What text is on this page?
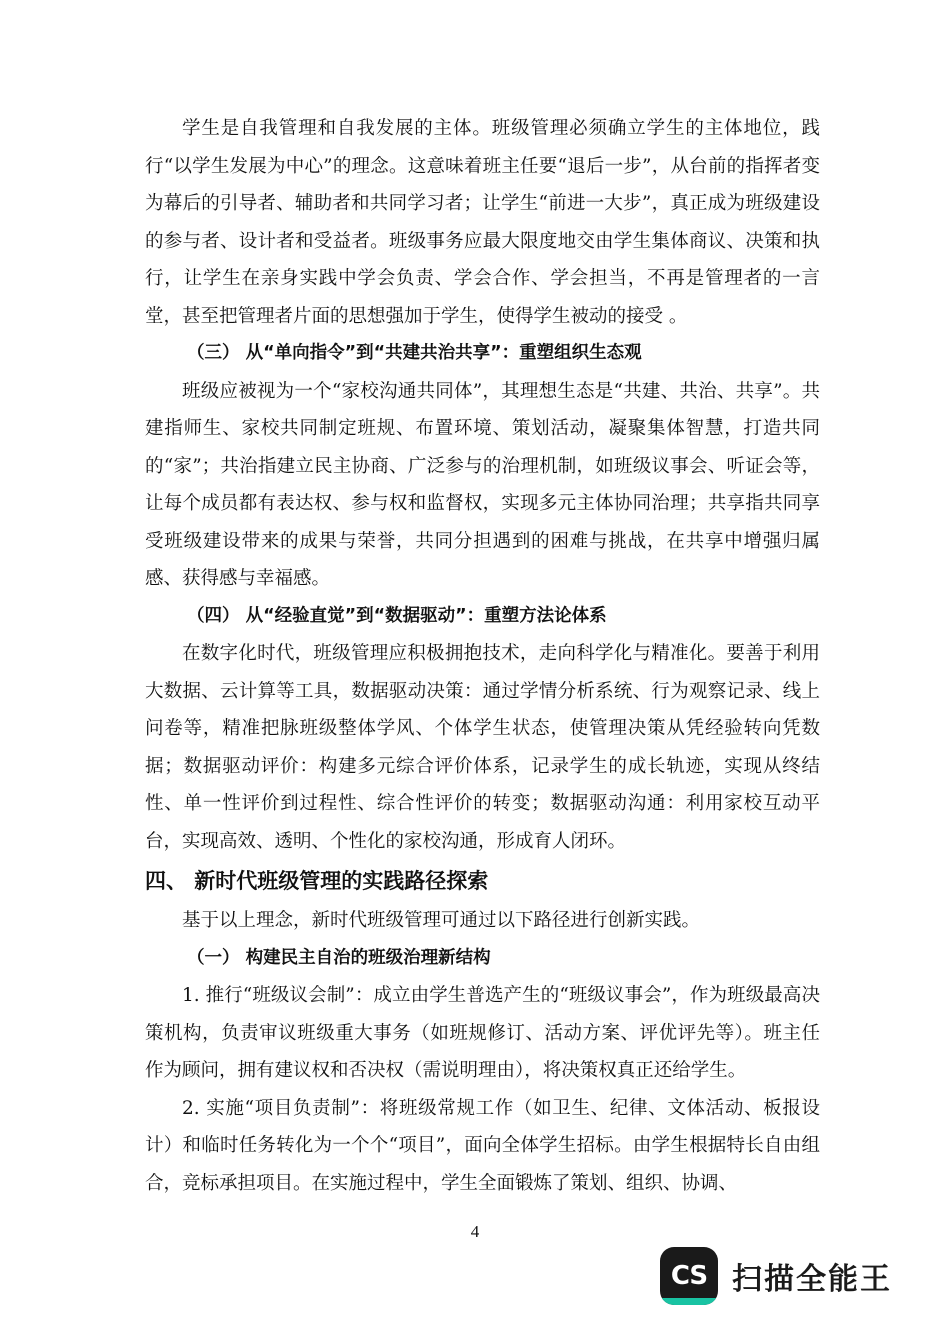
学生是自我管理和自我发展的主体。班级管理必须确立学生的主体地位，践行“以学生发展为中心”的理念。这意味着班主任要“退后一步”，从台前的指挥者变为幕后的引导者、辅助者和共同学习者；让学生“前进一大步”，真正成为班级建设的参与者、设计者和受益者。班级事务应最大限度地交由学生集体商议、决策和执行，让学生在亲身实践中学会负责、学会合作、学会担当，不再是管理者的一言堂，甚至把管理者片面的思想强加于学生，使得学生被动的接受 。

（三） 从“单向指令”到“共建共治共享”：重塑组织生态观

班级应被视为一个“家校沟通共同体”，其理想生态是“共建、共治、共享”。共建指师生、家校共同制定班规、布置环境、策划活动，凝聚集体智慧，打造共同的“家”；共治指建立民主协商、广泛参与的治理机制，如班级议事会、听证会等，让每个成员都有表达权、参与权和监督权，实现多元主体协同治理；共享指共同享受班级建设带来的成果与荣誉，共同分担遇到的困难与挑战，在共享中增强归属感、获得感与幸福感。

（四） 从“经验直觉”到“数据驱动”：重塑方法论体系

在数字化时代，班级管理应积极拥抱技术，走向科学化与精准化。要善于利用大数据、云计算等工具，数据驱动决策：通过学情分析系统、行为观察记录、线上问卷等，精准把脉班级整体学风、个体学生状态，使管理决策从凭经验转向凭数据；数据驱动评价：构建多元综合评价体系，记录学生的成长轨迹，实现从终结性、单一性评价到过程性、综合性评价的转变；数据驱动沟通：利用家校互动平台，实现高效、透明、个性化的家校沟通，形成育人闭环。

四、 新时代班级管理的实践路径探索

基于以上理念，新时代班级管理可通过以下路径进行创新实践。

（一） 构建民主自治的班级治理新结构

1. 推行“班级议会制”：成立由学生普选产生的“班级议事会”，作为班级最高决策机构，负责审议班级重大事务（如班规修订、活动方案、评优评先等）。班主任作为顾问，拥有建议权和否决权（需说明理由），将决策权真正还给学生。

2. 实施“项目负责制”：将班级常规工作（如卫生、纪律、文体活动、板报设计）和临时任务转化为一个个“项目”，面向全体学生招标。由学生根据特长自由组合，竞标承担项目。在实施过程中，学生全面锻炼了策划、组织、协调、

4
CS 扫描全能王
